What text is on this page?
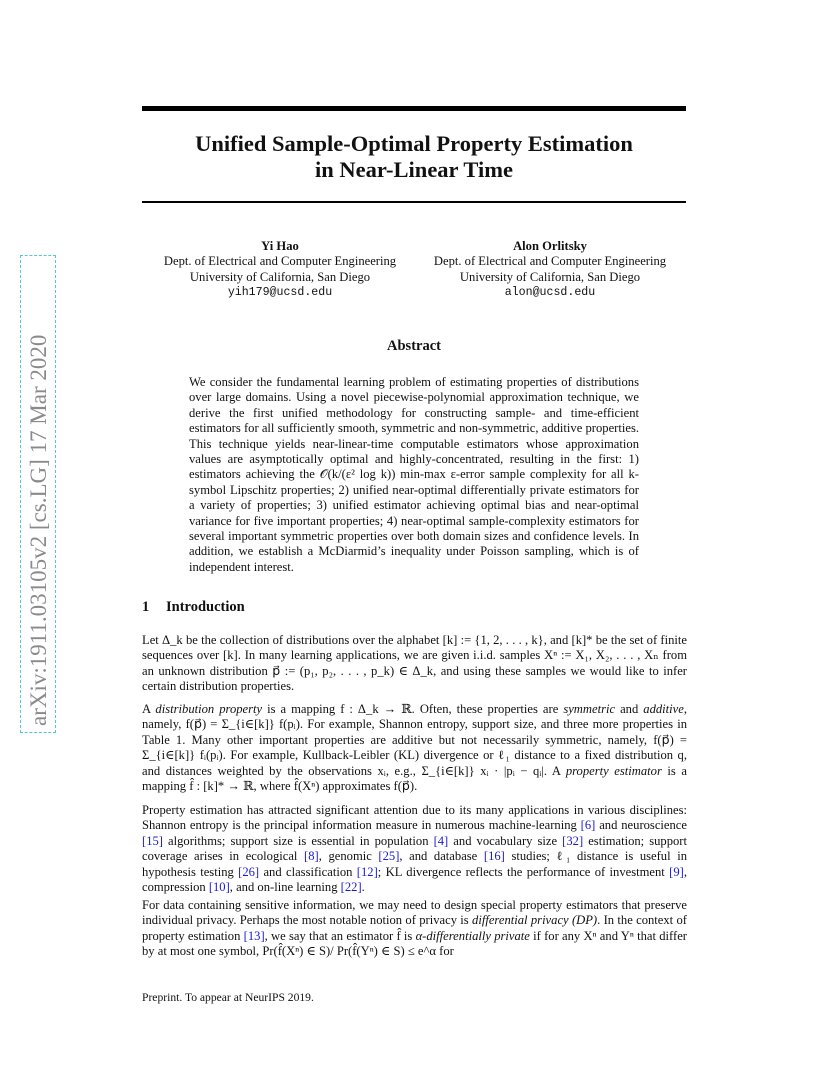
arXiv:1911.03105v2 [cs.LG] 17 Mar 2020
Unified Sample-Optimal Property Estimation
in Near-Linear Time
Yi Hao
Dept. of Electrical and Computer Engineering
University of California, San Diego
yih179@ucsd.edu
Alon Orlitsky
Dept. of Electrical and Computer Engineering
University of California, San Diego
alon@ucsd.edu
Abstract
We consider the fundamental learning problem of estimating properties of distributions over large domains. Using a novel piecewise-polynomial approximation technique, we derive the first unified methodology for constructing sample- and time-efficient estimators for all sufficiently smooth, symmetric and non-symmetric, additive properties. This technique yields near-linear-time computable estimators whose approximation values are asymptotically optimal and highly-concentrated, resulting in the first: 1) estimators achieving the 𝒪(k/(ε² log k)) min-max ε-error sample complexity for all k-symbol Lipschitz properties; 2) unified near-optimal differentially private estimators for a variety of properties; 3) unified estimator achieving optimal bias and near-optimal variance for five important properties; 4) near-optimal sample-complexity estimators for several important symmetric properties over both domain sizes and confidence levels. In addition, we establish a McDiarmid’s inequality under Poisson sampling, which is of independent interest.
1 Introduction
Let Δ_k be the collection of distributions over the alphabet [k] := {1, 2, . . . , k}, and [k]* be the set of finite sequences over [k]. In many learning applications, we are given i.i.d. samples Xⁿ := X₁, X₂, . . . , Xₙ from an unknown distribution p⃗ := (p₁, p₂, . . . , p_k) ∈ Δ_k, and using these samples we would like to infer certain distribution properties.
A distribution property is a mapping f : Δ_k → ℝ. Often, these properties are symmetric and additive, namely, f(p⃗) = Σ_{i∈[k]} f(pᵢ). For example, Shannon entropy, support size, and three more properties in Table 1. Many other important properties are additive but not necessarily symmetric, namely, f(p⃗) = Σ_{i∈[k]} fᵢ(pᵢ). For example, Kullback-Leibler (KL) divergence or ℓ₁ distance to a fixed distribution q, and distances weighted by the observations xᵢ, e.g., Σ_{i∈[k]} xᵢ · |pᵢ − qᵢ|. A property estimator is a mapping f̂ : [k]* → ℝ, where f̂(Xⁿ) approximates f(p⃗).
Property estimation has attracted significant attention due to its many applications in various disciplines: Shannon entropy is the principal information measure in numerous machine-learning [6] and neuroscience [15] algorithms; support size is essential in population [4] and vocabulary size [32] estimation; support coverage arises in ecological [8], genomic [25], and database [16] studies; ℓ₁ distance is useful in hypothesis testing [26] and classification [12]; KL divergence reflects the performance of investment [9], compression [10], and on-line learning [22].
For data containing sensitive information, we may need to design special property estimators that preserve individual privacy. Perhaps the most notable notion of privacy is differential privacy (DP). In the context of property estimation [13], we say that an estimator f̂ is α-differentially private if for any Xⁿ and Yⁿ that differ by at most one symbol, Pr(f̂(Xⁿ) ∈ S)/ Pr(f̂(Yⁿ) ∈ S) ≤ e^α for
Preprint. To appear at NeurIPS 2019.
